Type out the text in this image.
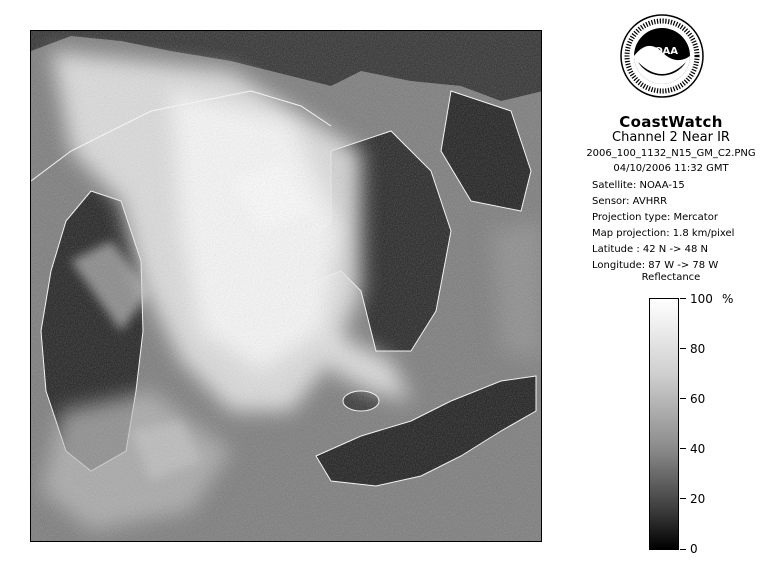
NOAA
CoastWatch
Channel 2 Near IR
2006_100_1132_N15_GM_C2.PNG
04/10/2006 11:32 GMT
Satellite: NOAA-15
Sensor: AVHRR
Projection type: Mercator
Map projection: 1.8 km/pixel
Latitude : 42 N -> 48 N
Longitude: 87 W -> 78 W
Reflectance
%
100
80
60
40
20
0
